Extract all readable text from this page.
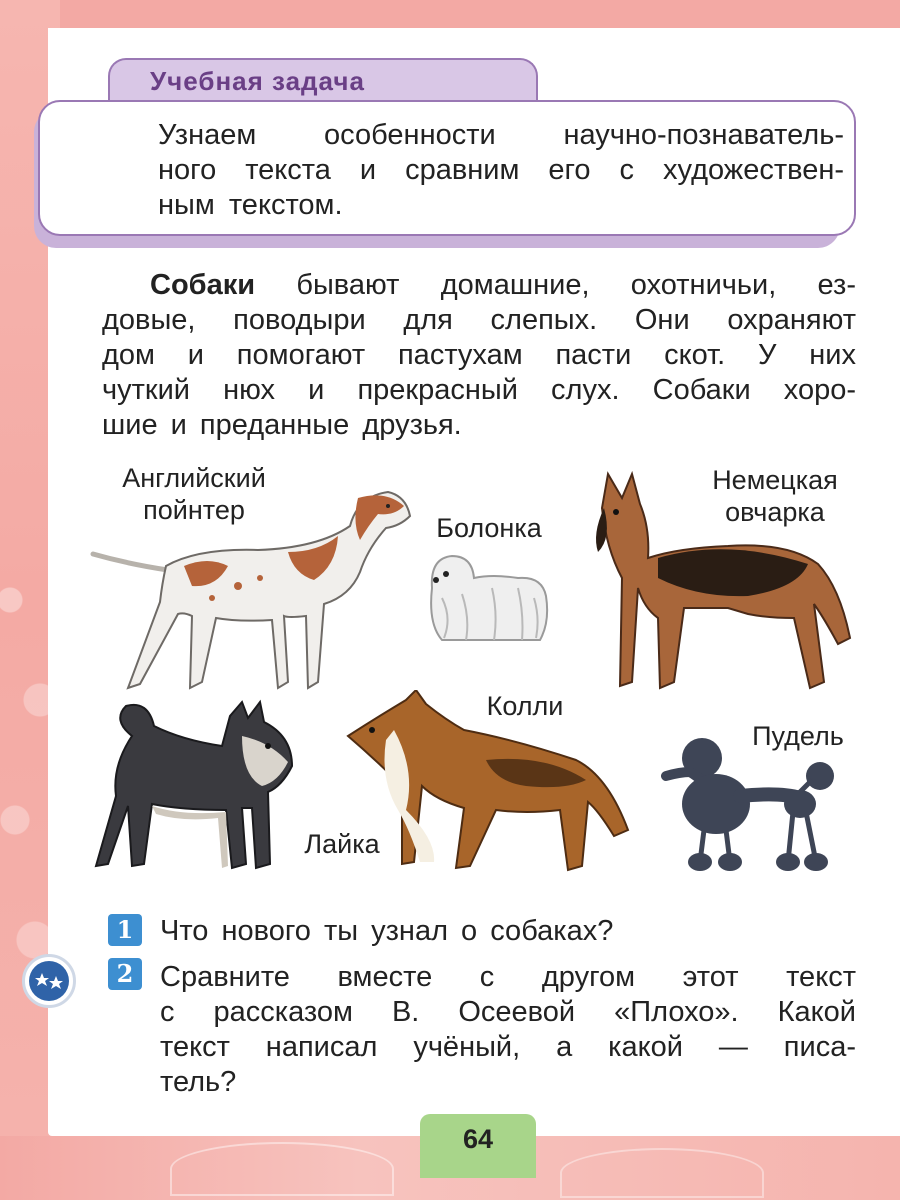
Учебная задача
Узнаем особенности научно-познаватель-
ного текста и сравним его с художествен-
ным текстом.
Собаки бывают домашние, охотничьи, ез-
довые, поводыри для слепых. Они охраняют
дом и помогают пастухам пасти скот. У них
чуткий нюх и прекрасный слух. Собаки хоро-
шие и преданные друзья.
Английский
пойнтер
Болонка
Немецкая
овчарка
Колли
Пудель
Лайка
1 Что нового ты узнал о собаках?
2 Сравните вместе с другом этот текст
с рассказом В. Осеевой «Плохо». Какой
текст написал учёный, а какой — писа-
тель?
64
